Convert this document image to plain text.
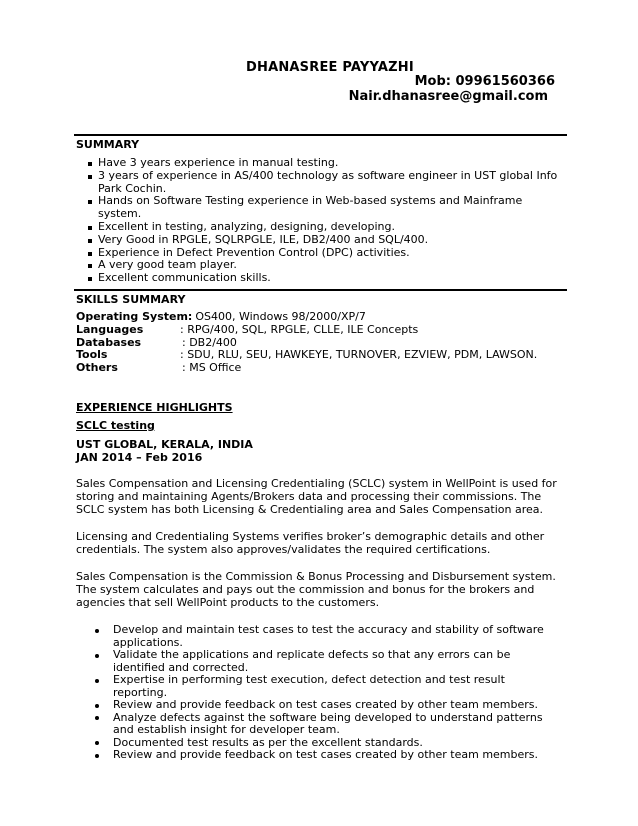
DHANASREE PAYYAZHI
Mob: 09961560366
Nair.dhanasree@gmail.com
SUMMARY
Have 3 years experience in manual testing.
3 years of experience in AS/400 technology as software engineer in UST global Info Park Cochin.
Hands on Software Testing experience in Web-based systems and Mainframe system.
Excellent in testing, analyzing, designing, developing.
Very Good in RPGLE, SQLRPGLE, ILE, DB2/400 and SQL/400.
Experience in Defect Prevention Control (DPC) activities.
A very good team player.
Excellent communication skills.
SKILLS SUMMARY
Operating System: OS400, Windows 98/2000/XP/7
Languages	: RPG/400, SQL, RPGLE, CLLE, ILE Concepts
Databases	: DB2/400
Tools	: SDU, RLU, SEU, HAWKEYE, TURNOVER, EZVIEW, PDM, LAWSON.
Others	: MS Office
EXPERIENCE HIGHLIGHTS
SCLC testing
UST GLOBAL, KERALA, INDIA
JAN 2014 – Feb 2016
Sales Compensation and Licensing Credentialing (SCLC) system in WellPoint is used for storing and maintaining Agents/Brokers data and processing their commissions. The SCLC system has both Licensing & Credentialing area and Sales Compensation area.
Licensing and Credentialing Systems verifies broker’s demographic details and other credentials. The system also approves/validates the required certifications.
Sales Compensation is the Commission & Bonus Processing and Disbursement system. The system calculates and pays out the commission and bonus for the brokers and agencies that sell WellPoint products to the customers.
Develop and maintain test cases to test the accuracy and stability of software applications.
Validate the applications and replicate defects so that any errors can be identified and corrected.
Expertise in performing test execution, defect detection and test result reporting.
Review and provide feedback on test cases created by other team members.
Analyze defects against the software being developed to understand patterns and establish insight for developer team.
Documented test results as per the excellent standards.
Review and provide feedback on test cases created by other team members.
